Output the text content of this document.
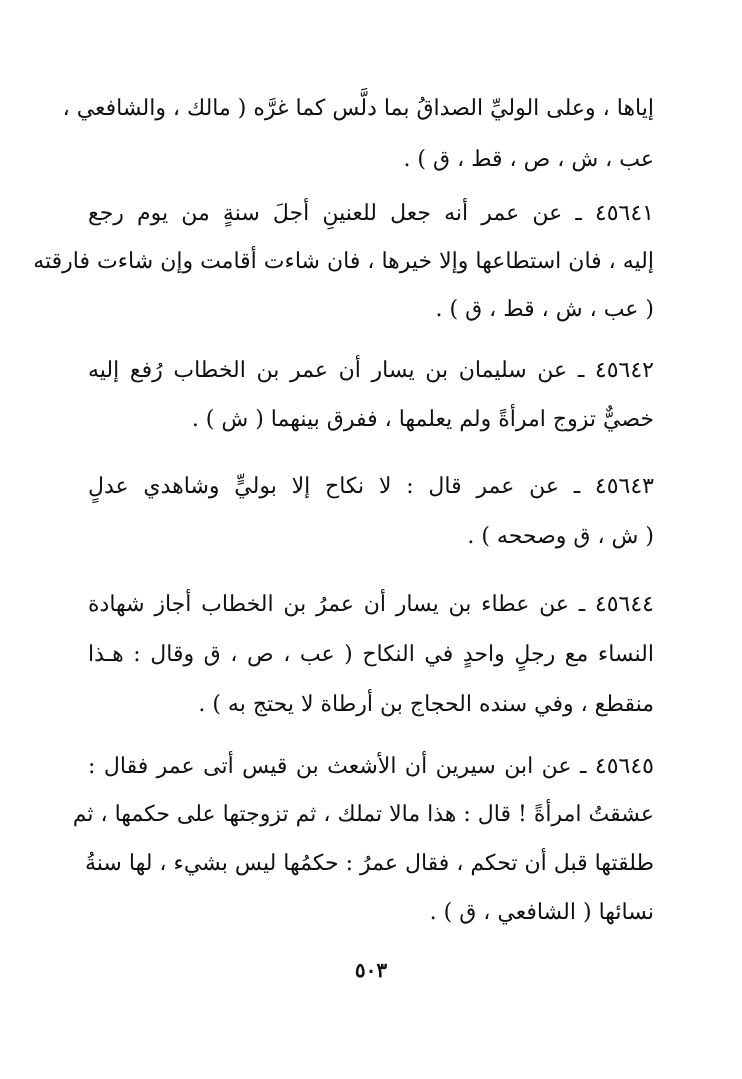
إياها ، وعلى الوليِّ الصداقُ بما دلَّس كما غرَّه ( مالك ، والشافعي ،
عب ، ش ، ص ، قط ، ق ) .
٤٥٦٤١ ـ عن عمر أنه جعل للعنينِ أجلَ سنةٍ من يوم رجع
إليه ، فان استطاعها وإلا خيرها ، فان شاءت أقامت وإن شاءت فارقته
( عب ، ش ، قط ، ق ) .
٤٥٦٤٢ ـ عن سليمان بن يسار أن عمر بن الخطاب رُفع إليه
خصيٌّ تزوج امرأةً ولم يعلمها ، ففرق بينهما ( ش ) .
٤٥٦٤٣ ـ عن عمر قال : لا نكاح إلا بوليٍّ وشاهدي عدلٍ
( ش ، ق وصححه ) .
٤٥٦٤٤ ـ عن عطاء بن يسار أن عمرُ بن الخطاب أجاز شهادة
النساء مع رجلٍ واحدٍ في النكاح ( عب ، ص ، ق وقال : هـذا
منقطع ، وفي سنده الحجاج بن أرطاة لا يحتج به ) .
٤٥٦٤٥ ـ عن ابن سيرين أن الأشعث بن قيس أتى عمر فقال :
عشقتُ امرأةً ! قال : هذا مالا تملك ، ثم تزوجتها على حكمها ، ثم
طلقتها قبل أن تحكم ، فقال عمرُ : حكمُها ليس بشيء ، لها سنةُ
نسائها ( الشافعي ، ق ) .
٥٠٣
